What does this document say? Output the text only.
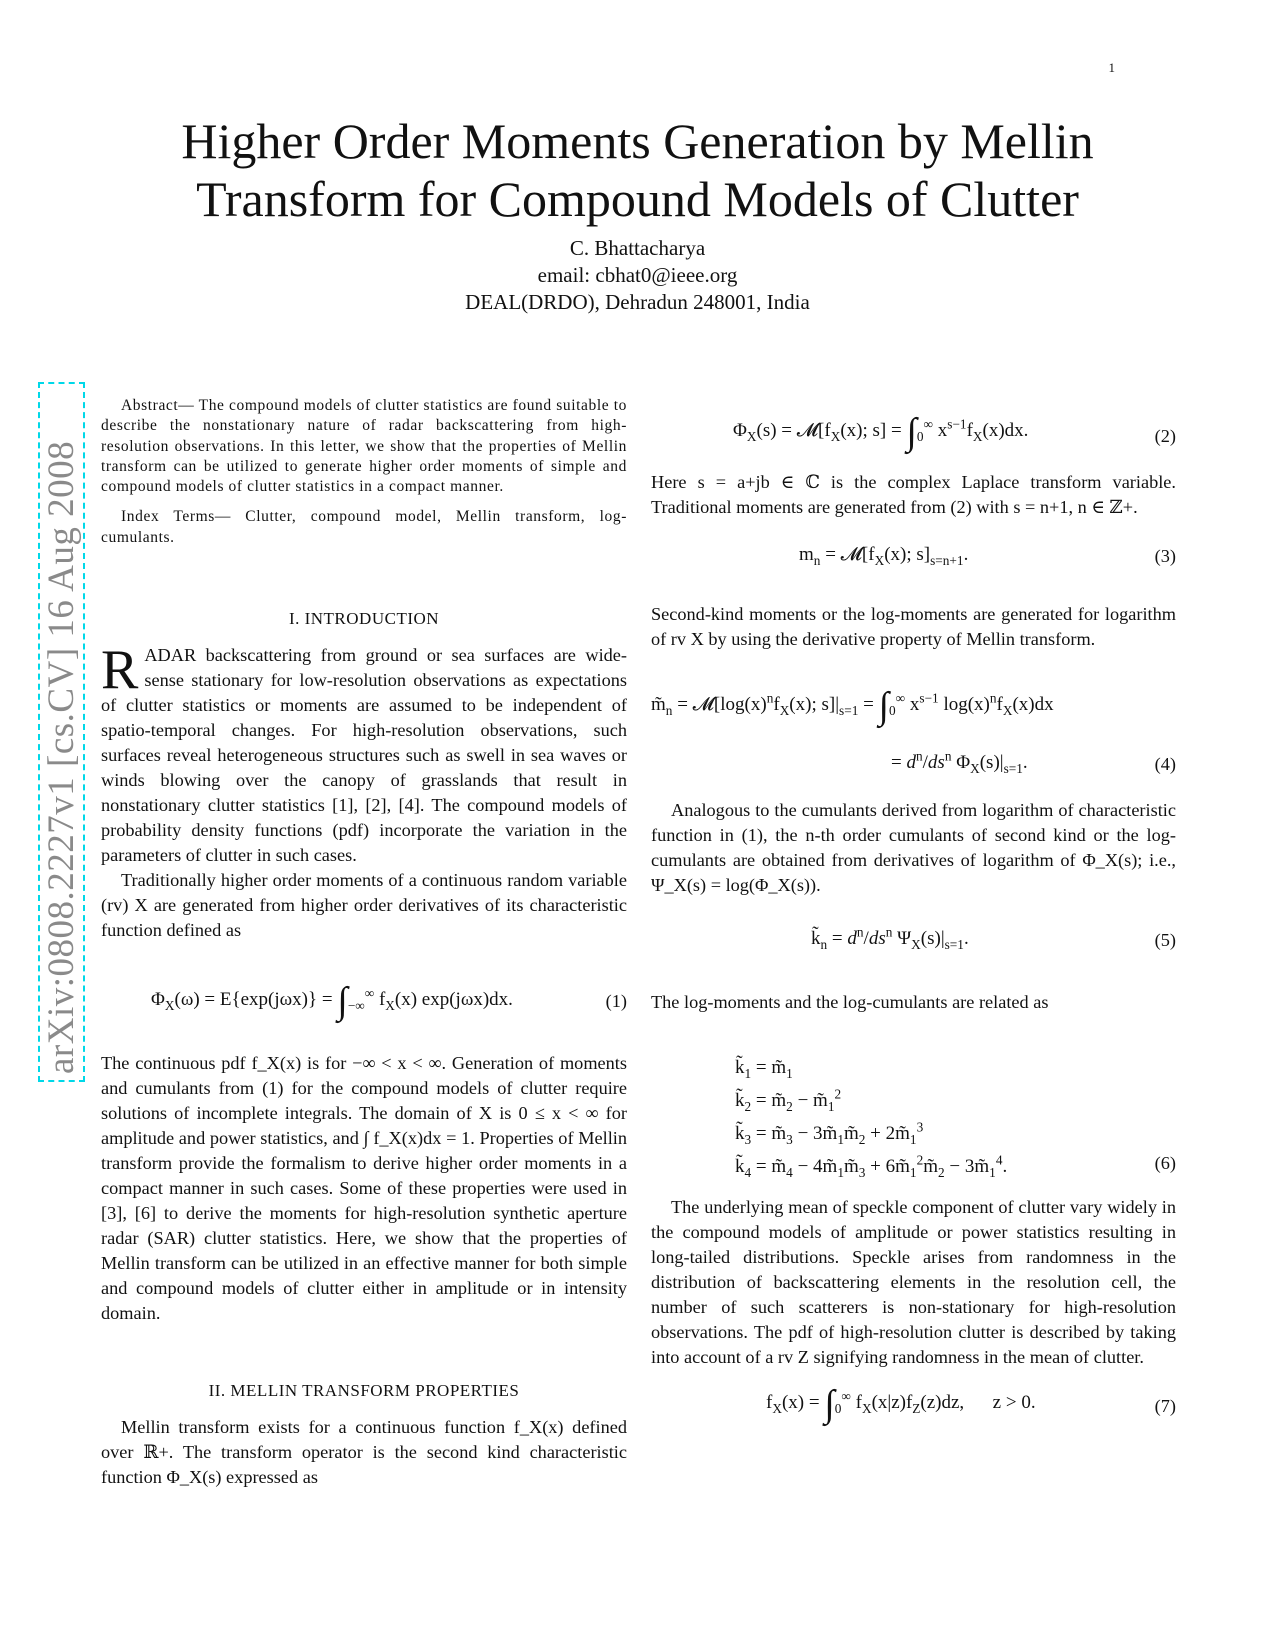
1
Higher Order Moments Generation by Mellin
Transform for Compound Models of Clutter
C. Bhattacharya
email: cbhat0@ieee.org
DEAL(DRDO), Dehradun 248001, India
arXiv:0808.2227v1 [cs.CV] 16 Aug 2008

Abstract— The compound models of clutter statistics are found suitable to describe the nonstationary nature of radar backscattering from high-resolution observations. In this letter, we show that the properties of Mellin transform can be utilized to generate higher order moments of simple and compound models of clutter statistics in a compact manner.

Index Terms— Clutter, compound model, Mellin transform, log-cumulants.

I. INTRODUCTION

RADAR backscattering from ground or sea surfaces are wide-sense stationary for low-resolution observations as expectations of clutter statistics or moments are assumed to be independent of spatio-temporal changes. For high-resolution observations, such surfaces reveal heterogeneous structures such as swell in sea waves or winds blowing over the canopy of grasslands that result in nonstationary clutter statistics [1], [2], [4]. The compound models of probability density functions (pdf) incorporate the variation in the parameters of clutter in such cases.

Traditionally higher order moments of a continuous random variable (rv) X are generated from higher order derivatives of its characteristic function defined as

$\Phi_X(\omega) = E\{\exp(j\omega x)\} = \int_{-\infty}^\infty$ $f_X(x)$ exp(jωx)dx.	(1)

The continuous pdf f_X(x) is for −∞ < x < ∞. Generation of moments and cumulants from (1) for the compound models of clutter require solutions of incomplete integrals. The domain of X is 0 ≤ x < ∞ for amplitude and power statistics, and ∫ f_X(x)dx = 1. Properties of Mellin transform provide the formalism to derive higher order moments in a compact manner in such cases. Some of these properties were used in [3], [6] to derive the moments for high-resolution synthetic aperture radar (SAR) clutter statistics. Here, we show that the properties of Mellin transform can be utilized in an effective manner for both simple and compound models of clutter either in amplitude or in intensity domain.

II. MELLIN TRANSFORM PROPERTIES

Mellin transform exists for a continuous function f_X(x) defined over ℝ+. The transform operator is the second kind characteristic function Φ_X(s) expressed as

$\Phi_X(s)$ = $𝓜[f_X(x)$; $s] = \int_0^\infty$ $x^{s-1}f_X(x)dx$.	(2)

Here s = a+jb ∈ ℂ is the complex Laplace transform variable. Traditional moments are generated from (2) with s = n+1, n ∈ ℤ+.

$m_n$ = $𝓜[f_X(x)$; $s]_{s=n+1}$.	(3)

Second-kind moments or the log-moments are generated for logarithm of rv X by using the derivative property of Mellin transform.

$m̃_n$ = $𝓜[\log(x)^nf_X(x)$; $s]|_{s=1} = \int_0^\infty$ $x^{s-1}$ $\log(x)^nf_X(x)dx$
= $d^n/ds^n$ $\Phi_X(s)|_{s=1}$.	(4)

Analogous to the cumulants derived from logarithm of characteristic function in (1), the n-th order cumulants of second kind or the log-cumulants are obtained from derivatives of logarithm of Φ_X(s); i.e., Ψ_X(s) = log(Φ_X(s)).

$k̃_n = d^n/ds^n$ $\Psi_X(s)|_{s=1}$.	(5)

The log-moments and the log-cumulants are related as

$k̃_1$ = $m̃_1$
$k̃_2$ = $m̃_2$ − $m̃_1^2$
$k̃_3$ = $m̃_3$ − $3m̃_1m̃_2$ + $2m̃_1^3$
$k̃_4$ = $m̃_4$ − $4m̃_1m̃_3$ + $6m̃_1^2m̃_2$ − $3m̃_1^4$.	(6)

The underlying mean of speckle component of clutter vary widely in the compound models of amplitude or power statistics resulting in long-tailed distributions. Speckle arises from randomness in the distribution of backscattering elements in the resolution cell, the number of such scatterers is non-stationary for high-resolution observations. The pdf of high-resolution clutter is described by taking into account of a rv Z signifying randomness in the mean of clutter.

$f_X(x) = \int_0^\infty$ $f_X(x|z)f_Z(z)dz$,      z > 0.	(7)
